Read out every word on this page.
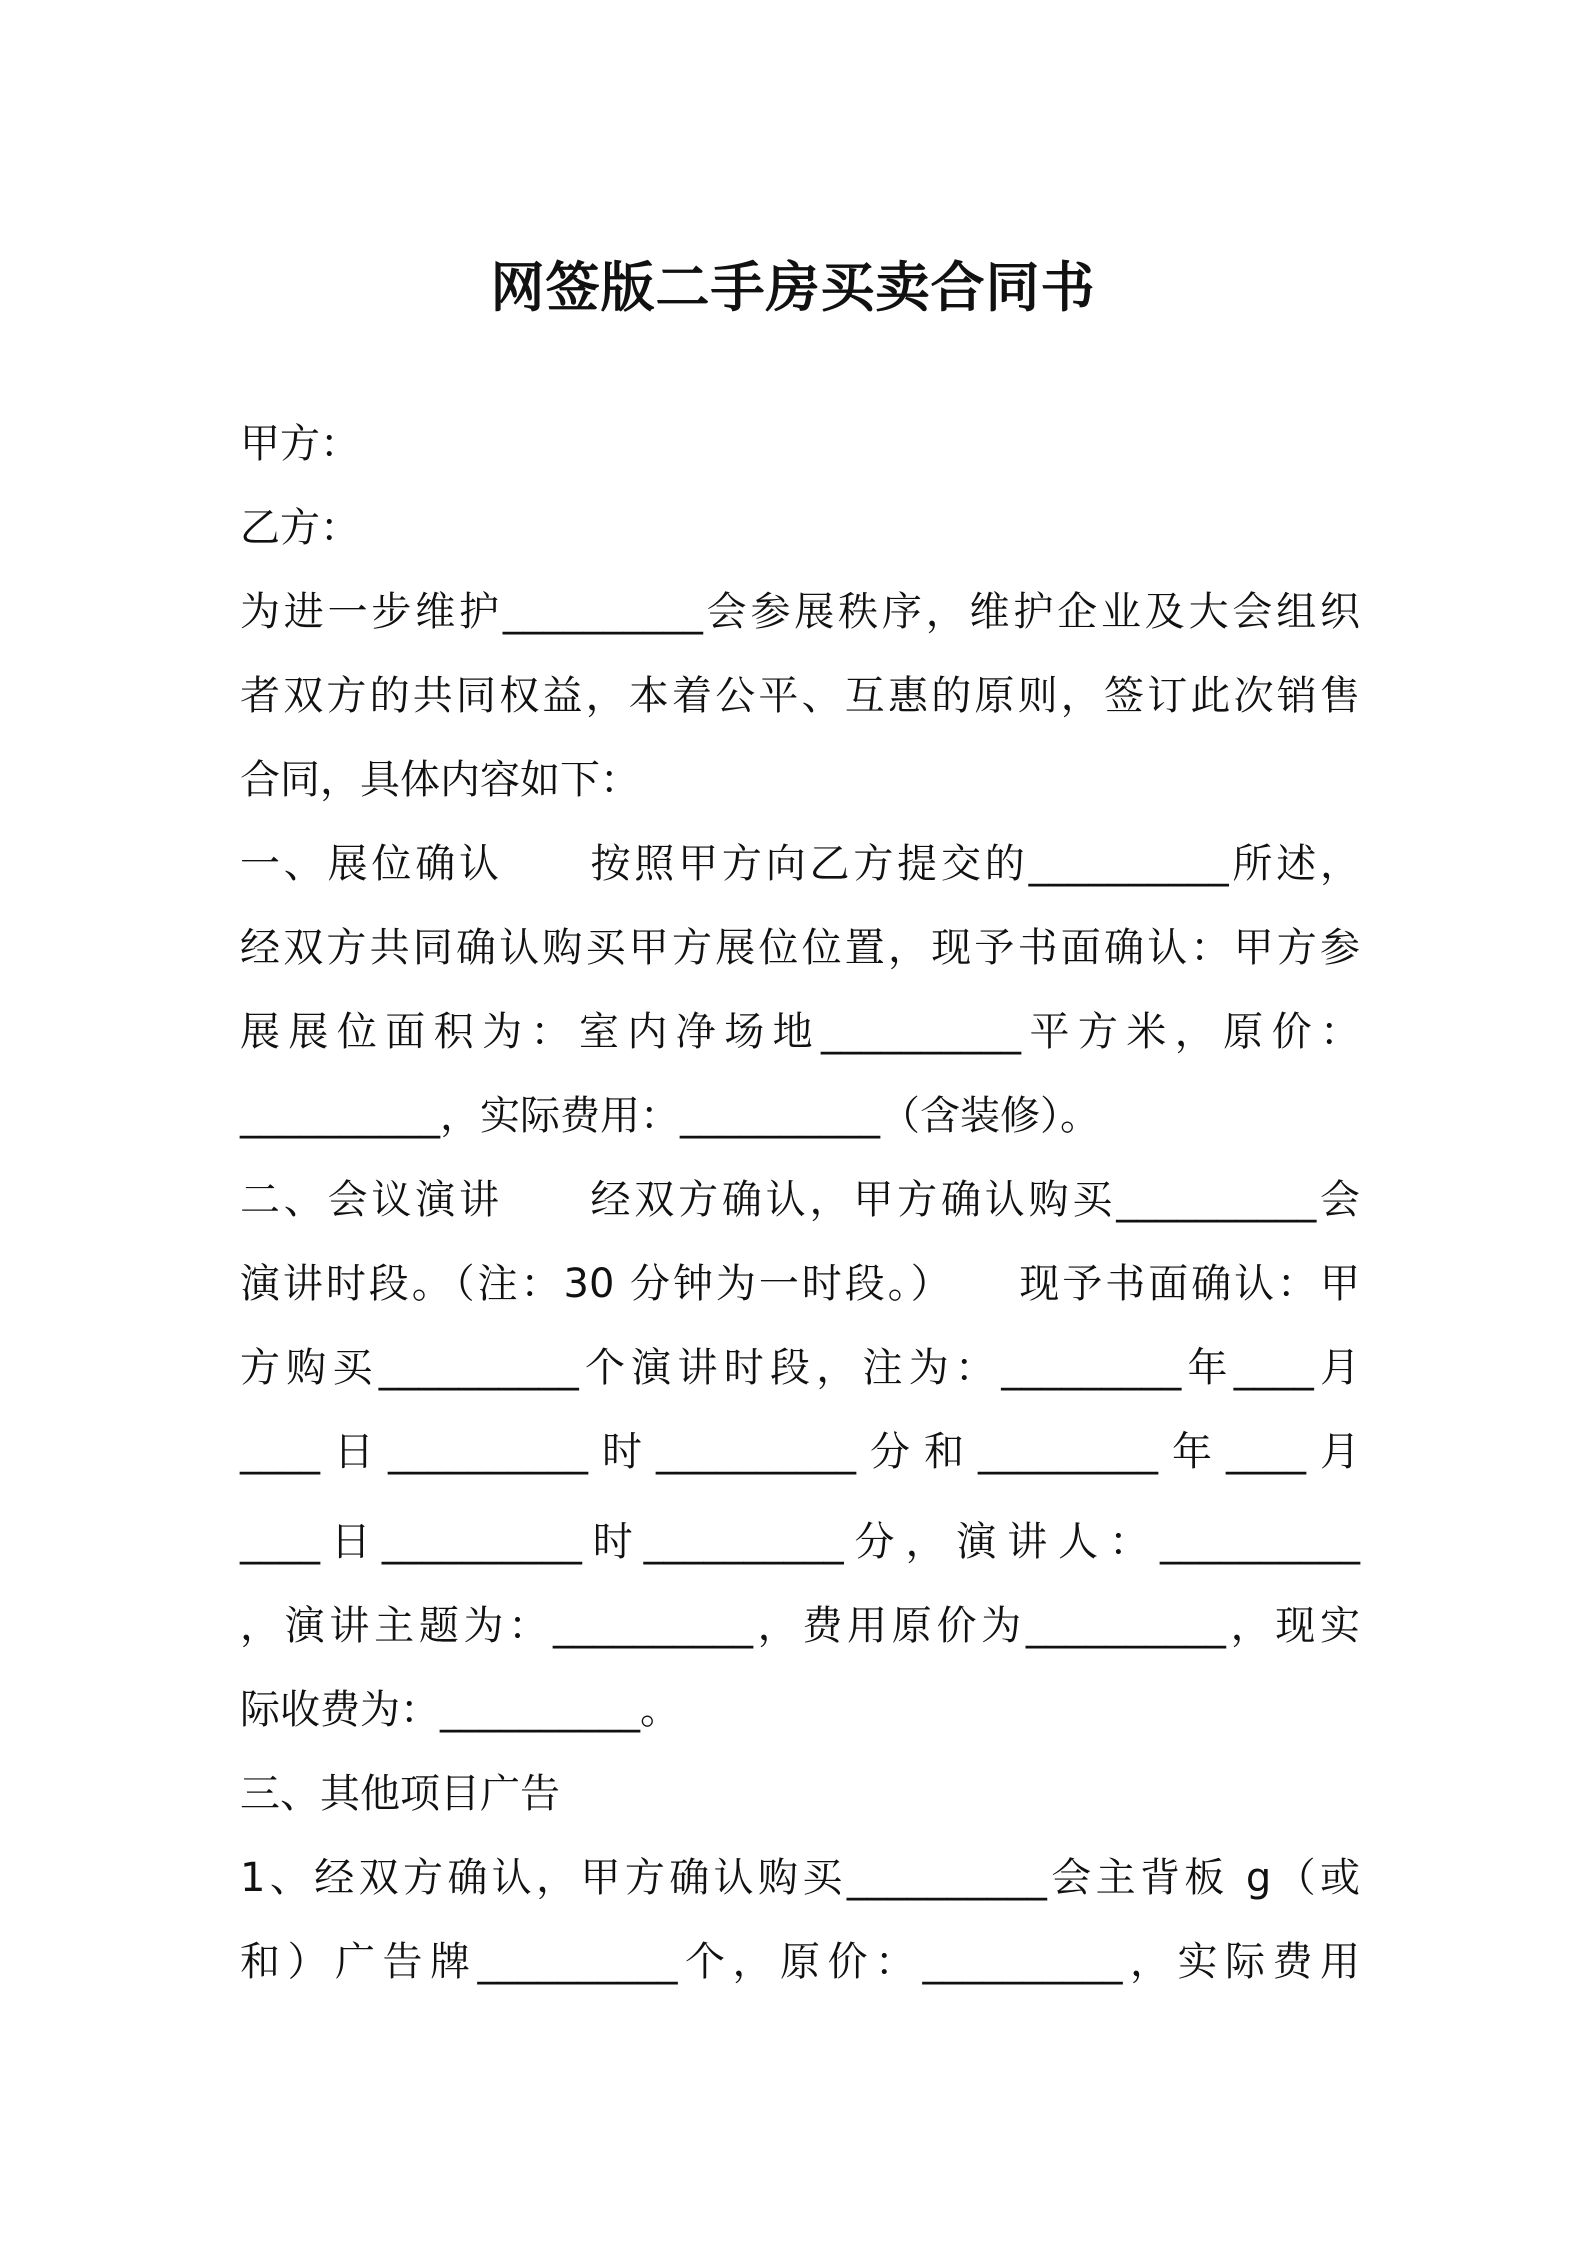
网签版二手房买卖合同书

甲方：

乙方：

为进一步维护__________会参展秩序，维护企业及大会组织

者双方的共同权益，本着公平、互惠的原则，签订此次销售

合同，具体内容如下：

一、展位确认　　按照甲方向乙方提交的__________所述，

经双方共同确认购买甲方展位位置，现予书面确认：甲方参

展展位面积为：室内净场地__________平方米，原价：

__________，实际费用：__________（含装修）。

二、会议演讲　　经双方确认，甲方确认购买__________会

演讲时段。（注：30 分钟为一时段。）　　现予书面确认：甲

方购买__________个演讲时段，注为：_________年____月

____日__________时__________分和_________年____月

____日__________时__________分，演讲人：__________

，演讲主题为：__________，费用原价为__________，现实

际收费为：__________。

三、其他项目广告

1、经双方确认，甲方确认购买__________会主背板 g（或

和）广告牌__________个，原价：__________，实际费用
